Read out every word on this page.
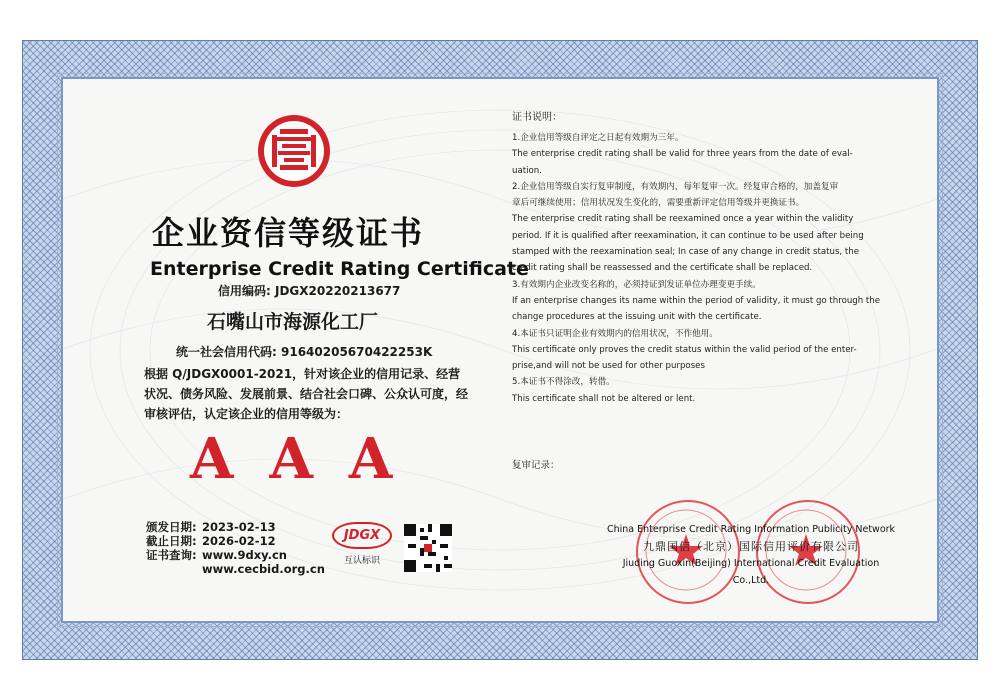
企业资信等级证书
Enterprise Credit Rating Certificate
信用编码: JDGX20220213677
石嘴山市海源化工厂
统一社会信用代码: 91640205670422253K
根据 Q/JDGX0001-2021，针对该企业的信用记录、经营状况、债务风险、发展前景、结合社会口碑、公众认可度，经审核评估，认定该企业的信用等级为：
AAA
颁发日期: 2023-02-13
截止日期: 2026-02-12
证书查询: www.9dxy.cn
www.cecbid.org.cn
JDGX
互认标识
证书说明：

1.企业信用等级自评定之日起有效期为三年。

The enterprise credit rating shall be valid for three years from the date of eval-

uation.

2.企业信用等级自实行复审制度，有效期内，每年复审一次。经复审合格的，加盖复审

章后可继续使用；信用状况发生变化的，需要重新评定信用等级并更换证书。

The enterprise credit rating shall be reexamined once a year within the validity

period. If it is qualified after reexamination, it can continue to be used after being

stamped with the reexamination seal; In case of any change in credit status, the

credit rating shall be reassessed and the certificate shall be replaced.

3.有效期内企业改变名称的，必须持证到发证单位办理变更手续。

If an enterprise changes its name within the period of validity, it must go through the

change procedures at the issuing unit with the certificate.

4.本证书只证明企业有效期内的信用状况，不作他用。

This certificate only proves the credit status within the valid period of the enter-

prise,and will not be used for other purposes

5.本证书不得涂改，转借。

This certificate shall not be altered or lent.

复审记录：
China Enterprise Credit Rating Information Publicity Network
九鼎国信（北京）国际信用评价有限公司
Jiuding Guoxin(Beijing) International Credit Evaluation Co.,Ltd.
